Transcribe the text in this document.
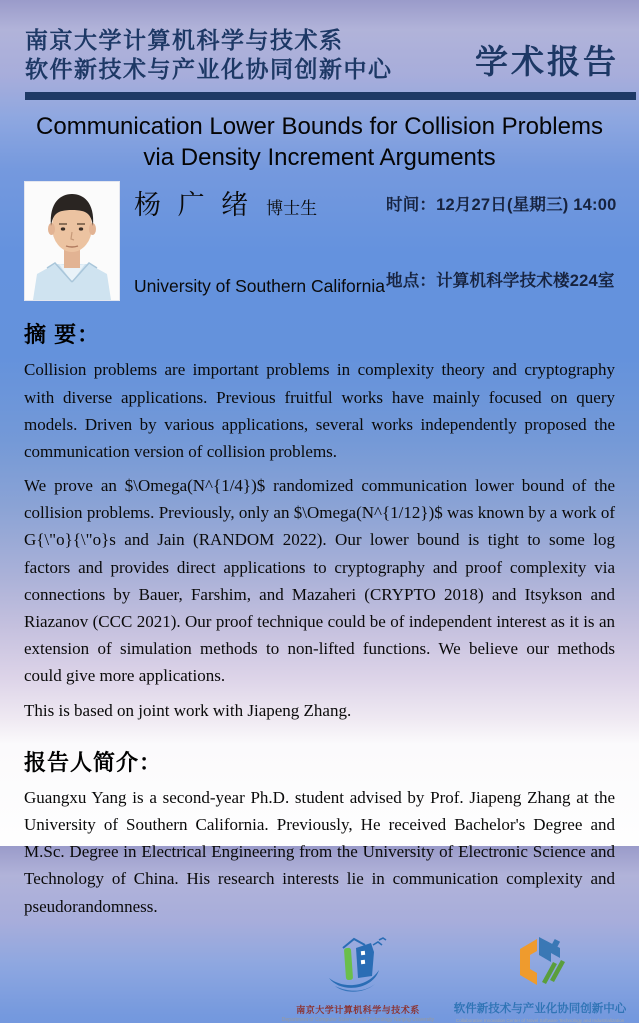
南京大学计算机科学与技术系
软件新技术与产业化协同创新中心	学术报告
Communication Lower Bounds for Collision Problems
via Density Increment Arguments
杨 广 绪 博士生
University of Southern California
时间：12月27日(星期三) 14:00
地点：计算机科学技术楼224室
摘 要：

Collision problems are important problems in complexity theory and cryptography with diverse applications. Previous fruitful works have mainly focused on query models. Driven by various applications, several works independently proposed the communication version of collision problems.

We prove an $\Omega(N^{1/4})$ randomized communication lower bound of the collision problems. Previously, only an $\Omega(N^{1/12})$ was known by a work of G{\"o}{\"o}s and Jain (RANDOM 2022). Our lower bound is tight to some log factors and provides direct applications to cryptography and proof complexity via connections by Bauer, Farshim, and Mazaheri (CRYPTO 2018) and Itsykson and Riazanov (CCC 2021). Our proof technique could be of independent interest as it is an extension of simulation methods to non-lifted functions. We believe our methods could give more applications.

This is based on joint work with Jiapeng Zhang.

报告人简介：

Guangxu Yang is a second-year Ph.D. student advised by Prof. Jiapeng Zhang at the University of Southern California. Previously, He received Bachelor's Degree and M.Sc. Degree in Electrical Engineering from the University of Electronic Science and Technology of China. His research interests lie in communication complexity and pseudorandomness.

南京大学计算机科学与技术系
Department of Computer Science and Technology Nanjing University
软件新技术与产业化协同创新中心
Collaborative Innovation Center of Novel Software Technology and Industrialization
